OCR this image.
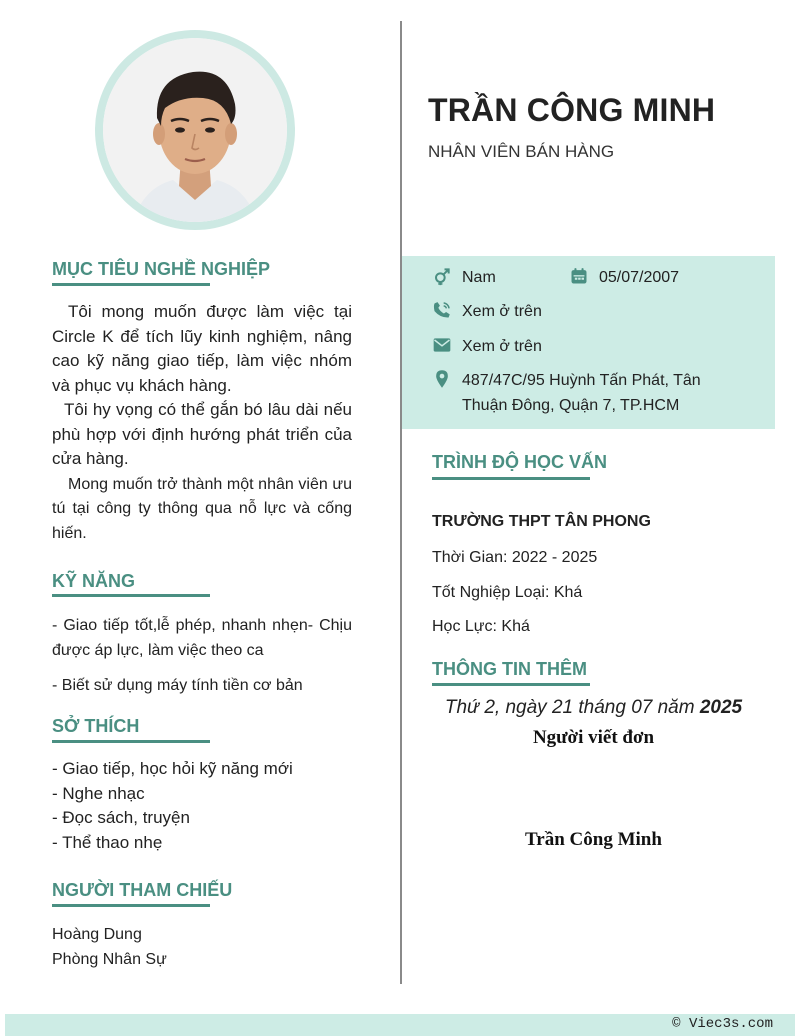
TRẦN CÔNG MINH
NHÂN VIÊN BÁN HÀNG
MỤC TIÊU NGHỀ NGHIỆP
Tôi mong muốn được làm việc tại Circle K để tích lũy kinh nghiệm, nâng cao kỹ năng giao tiếp, làm việc nhóm và phục vụ khách hàng.
Tôi hy vọng có thể gắn bó lâu dài nếu phù hợp với định hướng phát triển của cửa hàng.
Mong muốn trở thành một nhân viên ưu tú tại công ty thông qua nỗ lực và cống hiến.
KỸ NĂNG
- Giao tiếp tốt,lễ phép, nhanh nhẹn- Chịu được áp lực, làm việc theo ca
- Biết sử dụng máy tính tiền cơ bản
SỞ THÍCH
- Giao tiếp, học hỏi kỹ năng mới
- Nghe nhạc
- Đọc sách, truyện
- Thể thao nhẹ
NGƯỜI THAM CHIẾU
Hoàng Dung
Phòng Nhân Sự
Nam	05/07/2007
Xem ở trên
Xem ở trên
487/47C/95 Huỳnh Tấn Phát, Tân
Thuận Đông, Quận 7, TP.HCM
TRÌNH ĐỘ HỌC VẤN
TRƯỜNG THPT TÂN PHONG
Thời Gian: 2022 - 2025
Tốt Nghiệp Loại: Khá
Học Lực: Khá
THÔNG TIN THÊM
Thứ 2, ngày 21 tháng 07 năm 2025
Người viết đơn
Trần Công Minh
© Viec3s.com
